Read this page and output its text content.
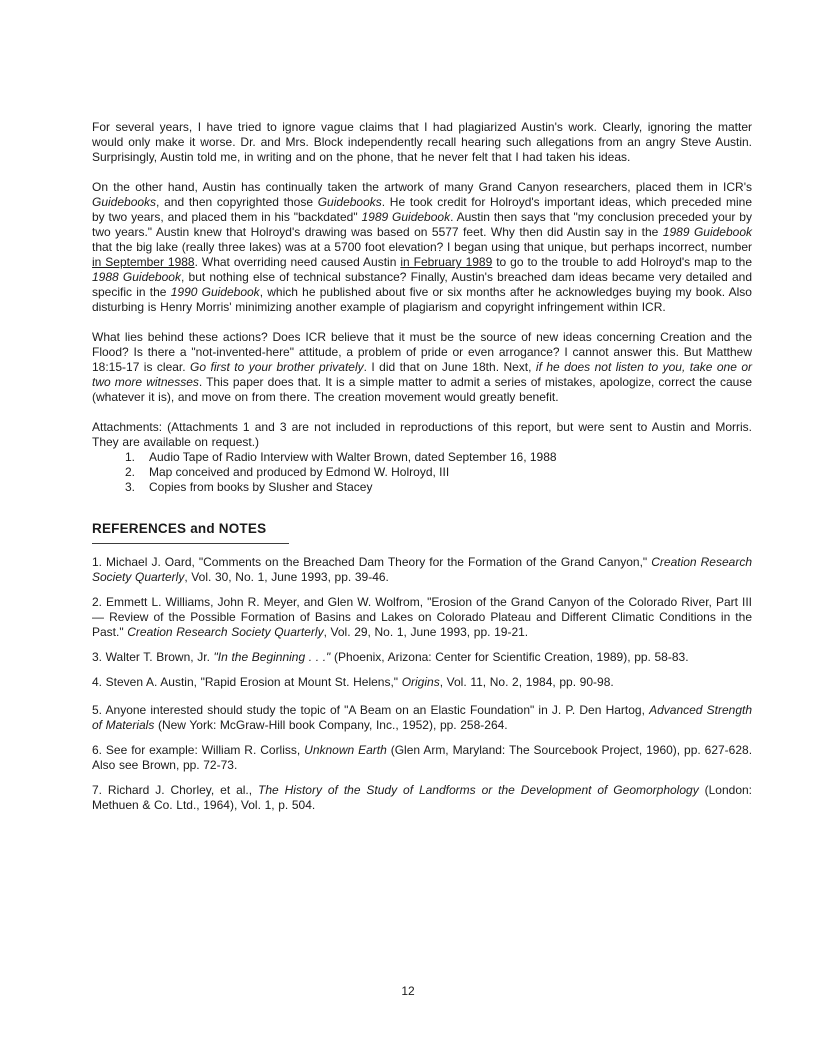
For several years, I have tried to ignore vague claims that I had plagiarized Austin's work. Clearly, ignoring the matter would only make it worse. Dr. and Mrs. Block independently recall hearing such allegations from an angry Steve Austin. Surprisingly, Austin told me, in writing and on the phone, that he never felt that I had taken his ideas.

On the other hand, Austin has continually taken the artwork of many Grand Canyon researchers, placed them in ICR's Guidebooks, and then copyrighted those Guidebooks. He took credit for Holroyd's important ideas, which preceded mine by two years, and placed them in his "backdated" 1989 Guidebook. Austin then says that "my conclusion preceded your by two years." Austin knew that Holroyd's drawing was based on 5577 feet. Why then did Austin say in the 1989 Guidebook that the big lake (really three lakes) was at a 5700 foot elevation? I began using that unique, but perhaps incorrect, number in September 1988. What overriding need caused Austin in February 1989 to go to the trouble to add Holroyd's map to the 1988 Guidebook, but nothing else of technical substance? Finally, Austin's breached dam ideas became very detailed and specific in the 1990 Guidebook, which he published about five or six months after he acknowledges buying my book. Also disturbing is Henry Morris' minimizing another example of plagiarism and copyright infringement within ICR.

What lies behind these actions? Does ICR believe that it must be the source of new ideas concerning Creation and the Flood? Is there a "not-invented-here" attitude, a problem of pride or even arrogance? I cannot answer this. But Matthew 18:15-17 is clear. Go first to your brother privately. I did that on June 18th. Next, if he does not listen to you, take one or two more witnesses. This paper does that. It is a simple matter to admit a series of mistakes, apologize, correct the cause (whatever it is), and move on from there. The creation movement would greatly benefit.

Attachments: (Attachments 1 and 3 are not included in reproductions of this report, but were sent to Austin and Morris. They are available on request.)

1.	Audio Tape of Radio Interview with Walter Brown, dated September 16, 1988
2.	Map conceived and produced by Edmond W. Holroyd, III
3.	Copies from books by Slusher and Stacey
REFERENCES and NOTES

1. Michael J. Oard, "Comments on the Breached Dam Theory for the Formation of the Grand Canyon," Creation Research Society Quarterly, Vol. 30, No. 1, June 1993, pp. 39-46.

2. Emmett L. Williams, John R. Meyer, and Glen W. Wolfrom, "Erosion of the Grand Canyon of the Colorado River, Part III — Review of the Possible Formation of Basins and Lakes on Colorado Plateau and Different Climatic Conditions in the Past." Creation Research Society Quarterly, Vol. 29, No. 1, June 1993, pp. 19-21.

3. Walter T. Brown, Jr. "In the Beginning . . ." (Phoenix, Arizona: Center for Scientific Creation, 1989), pp. 58-83.

4. Steven A. Austin, "Rapid Erosion at Mount St. Helens," Origins, Vol. 11, No. 2, 1984, pp. 90-98.

5. Anyone interested should study the topic of "A Beam on an Elastic Foundation" in J. P. Den Hartog, Advanced Strength of Materials (New York: McGraw-Hill book Company, Inc., 1952), pp. 258-264.

6. See for example: William R. Corliss, Unknown Earth (Glen Arm, Maryland: The Sourcebook Project, 1960), pp. 627-628. Also see Brown, pp. 72-73.

7. Richard J. Chorley, et al., The History of the Study of Landforms or the Development of Geomorphology (London: Methuen & Co. Ltd., 1964), Vol. 1, p. 504.

12
